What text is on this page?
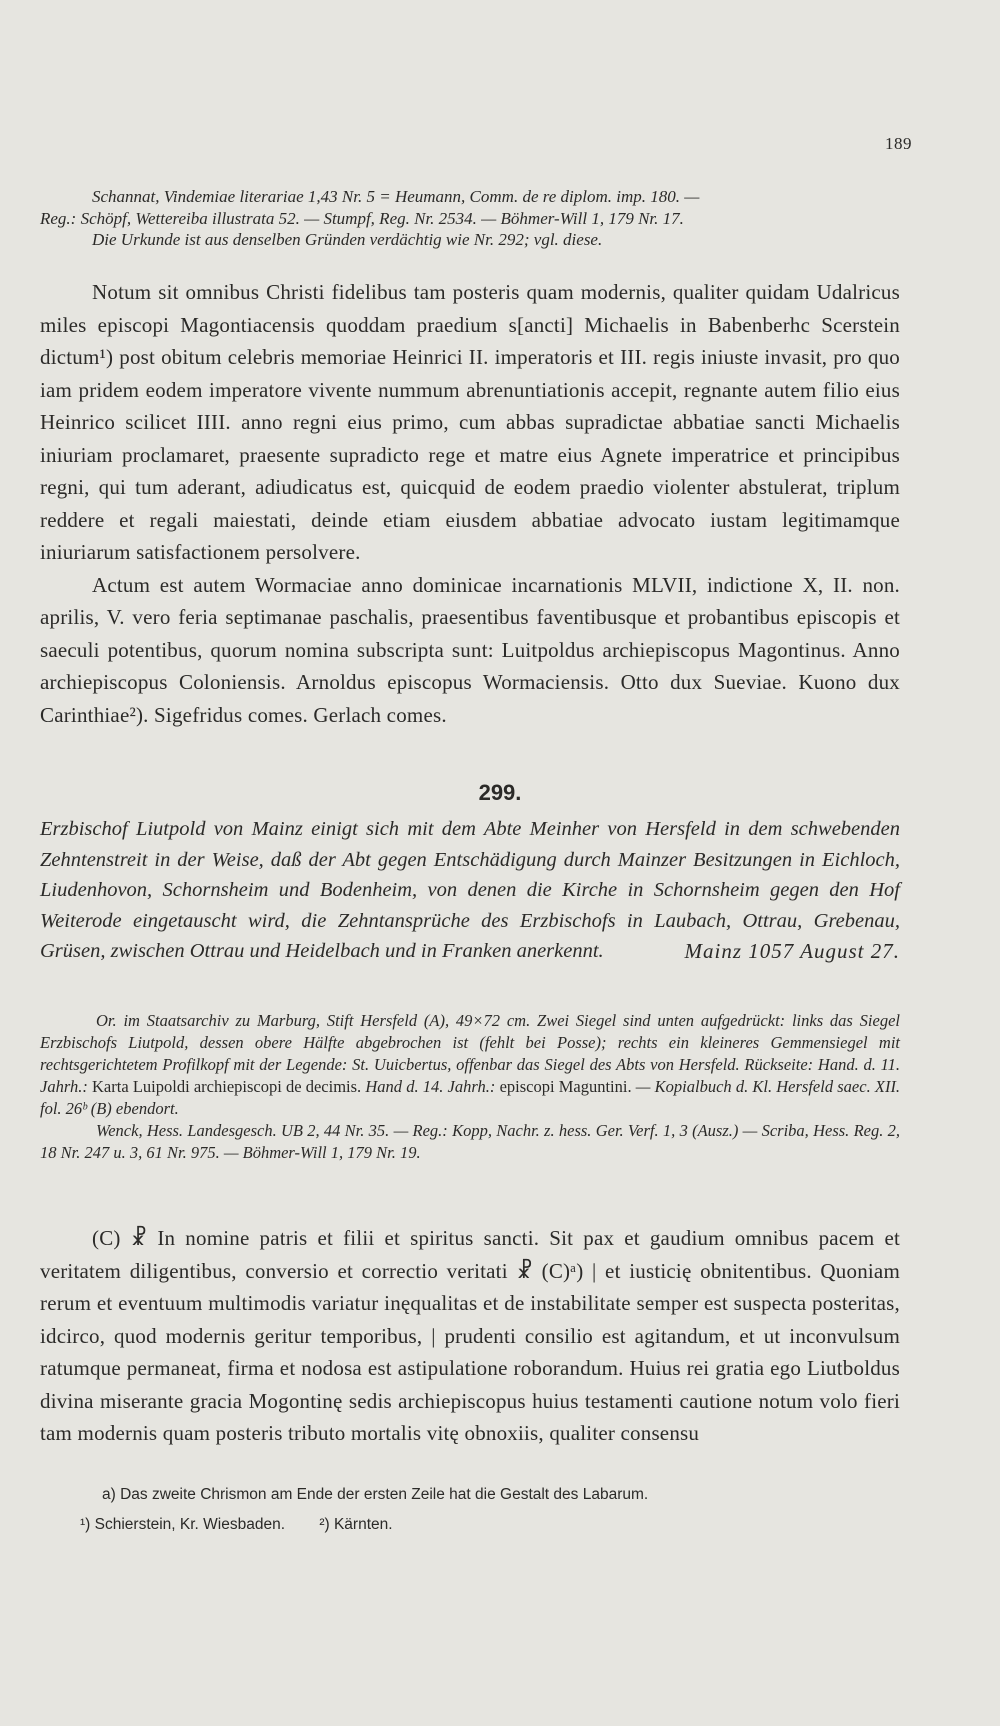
189

Schannat, Vindemiae literariae 1,43 Nr. 5 = Heumann, Comm. de re diplom. imp. 180. —

Reg.: Schöpf, Wettereiba illustrata 52. — Stumpf, Reg. Nr. 2534. — Böhmer-Will 1, 179 Nr. 17.

Die Urkunde ist aus denselben Gründen verdächtig wie Nr. 292; vgl. diese.

Notum sit omnibus Christi fidelibus tam posteris quam modernis, qualiter quidam Udalricus miles episcopi Magontiacensis quoddam praedium s[ancti] Michaelis in Babenberhc Scerstein dictum¹) post obitum celebris memoriae Heinrici II. imperatoris et III. regis iniuste invasit, pro quo iam pridem eodem imperatore vivente nummum abrenuntiationis accepit, regnante autem filio eius Heinrico scilicet IIII. anno regni eius primo, cum abbas supradictae abbatiae sancti Michaelis iniuriam proclamaret, praesente supradicto rege et matre eius Agnete imperatrice et principibus regni, qui tum aderant, adiudicatus est, quicquid de eodem praedio violenter abstulerat, triplum reddere et regali maiestati, deinde etiam eiusdem abbatiae advocato iustam legitimamque iniuriarum satisfactionem persolvere.

Actum est autem Wormaciae anno dominicae incarnationis MLVII, indictione X, II. non. aprilis, V. vero feria septimanae paschalis, praesentibus faventibusque et probantibus episcopis et saeculi potentibus, quorum nomina subscripta sunt: Luitpoldus archiepiscopus Magontinus. Anno archiepiscopus Coloniensis. Arnoldus episcopus Wormaciensis. Otto dux Sueviae. Kuono dux Carinthiae²). Sigefridus comes. Gerlach comes.

299.
Erzbischof Liutpold von Mainz einigt sich mit dem Abte Meinher von Hersfeld in dem schwebenden Zehntenstreit in der Weise, daß der Abt gegen Entschädigung durch Mainzer Besitzungen in Eichloch, Liudenhovon, Schornsheim und Bodenheim, von denen die Kirche in Schornsheim gegen den Hof Weiterode eingetauscht wird, die Zehntansprüche des Erzbischofs in Laubach, Ottrau, Grebenau, Grüsen, zwischen Ottrau und Heidelbach und in Franken anerkennt.	Mainz 1057 August 27.

Or. im Staatsarchiv zu Marburg, Stift Hersfeld (A), 49×72 cm. Zwei Siegel sind unten aufgedrückt: links das Siegel Erzbischofs Liutpold, dessen obere Hälfte abgebrochen ist (fehlt bei Posse); rechts ein kleineres Gemmensiegel mit rechtsgerichtetem Profilkopf mit der Legende: St. Uuicbertus, offenbar das Siegel des Abts von Hersfeld. Rückseite: Hand. d. 11. Jahrh.: Karta Luipoldi archiepiscopi de decimis. Hand d. 14. Jahrh.: episcopi Maguntini. — Kopialbuch d. Kl. Hersfeld saec. XII. fol. 26ᵇ (B) ebendort.

Wenck, Hess. Landesgesch. UB 2, 44 Nr. 35. — Reg.: Kopp, Nachr. z. hess. Ger. Verf. 1, 3 (Ausz.) — Scriba, Hess. Reg. 2, 18 Nr. 247 u. 3, 61 Nr. 975. — Böhmer-Will 1, 179 Nr. 19.

(C) ☧ In nomine patris et filii et spiritus sancti. Sit pax et gaudium omnibus pacem et veritatem diligentibus, conversio et correctio veritati ☧ (C)ᵃ) | et iusticię obnitentibus. Quoniam rerum et eventuum multimodis variatur inęqualitas et de instabilitate semper est suspecta posteritas, idcirco, quod modernis geritur temporibus, | prudenti consilio est agitandum, et ut inconvulsum ratumque permaneat, firma et nodosa est astipulatione roborandum. Huius rei gratia ego Liutboldus divina miserante gracia Mogontinę sedis archiepiscopus huius testamenti cautione notum volo fieri tam modernis quam posteris tributo mortalis vitę obnoxiis, qualiter consensu

a) Das zweite Chrismon am Ende der ersten Zeile hat die Gestalt des Labarum.

¹) Schierstein, Kr. Wiesbaden. ²) Kärnten.
